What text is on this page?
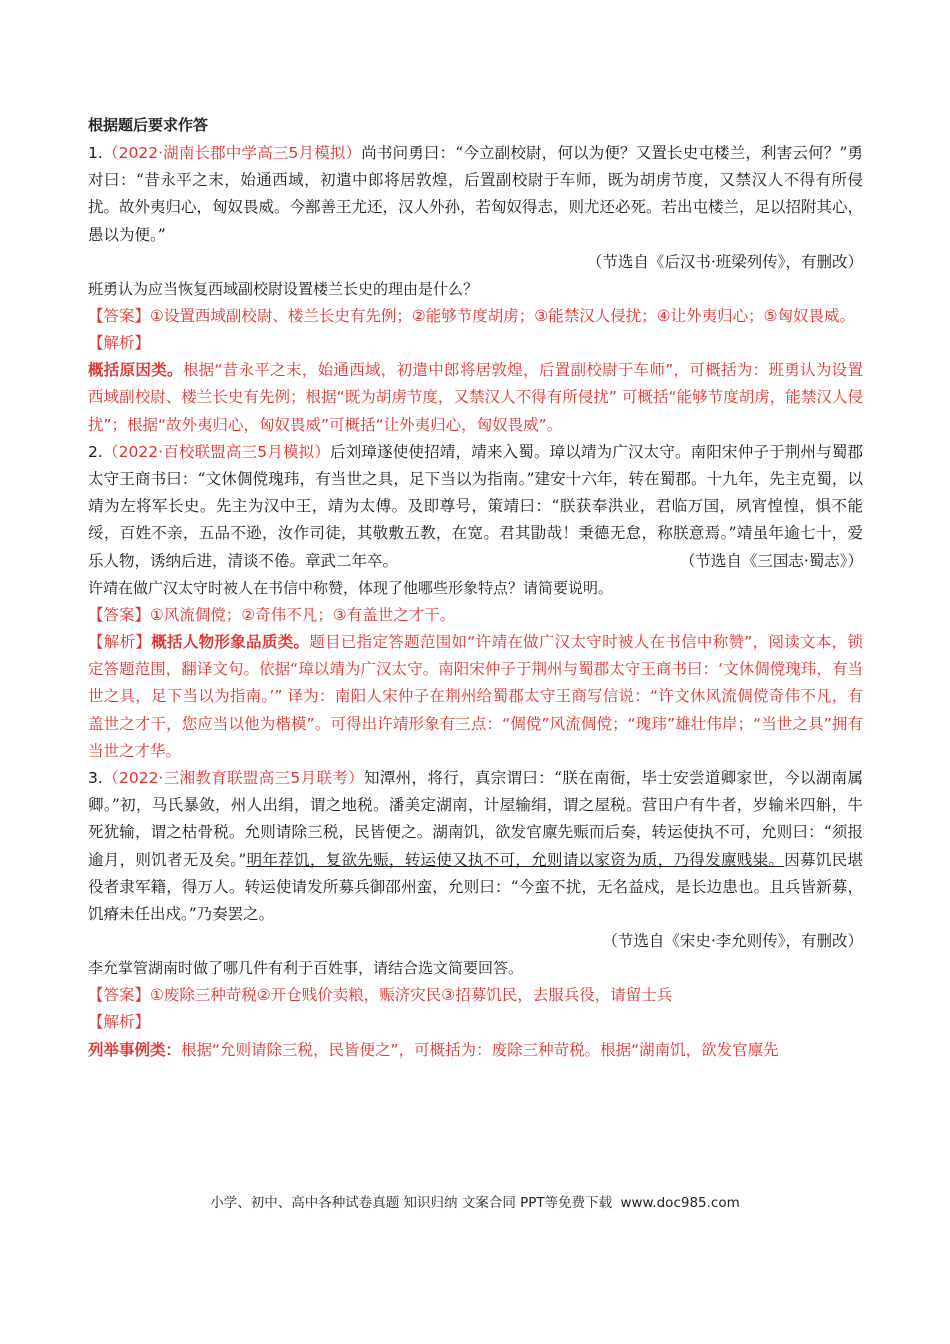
根据题后要求作答

1.（2022·湖南长郡中学高三5月模拟）尚书问勇曰：“今立副校尉，何以为便？又置长史屯楼兰，利害云何？”勇对曰：“昔永平之末，始通西域，初遣中郎将居敦煌，后置副校尉于车师，既为胡虏节度，又禁汉人不得有所侵扰。故外夷归心，匈奴畏威。今鄯善王尤还，汉人外孙，若匈奴得志，则尤还必死。若出屯楼兰，足以招附其心，愚以为便。”

（节选自《后汉书·班梁列传》，有删改）
班勇认为应当恢复西域副校尉设置楼兰长史的理由是什么？

【答案】①设置西域副校尉、楼兰长史有先例；②能够节度胡虏；③能禁汉人侵扰；④让外夷归心；⑤匈奴畏威。

【解析】

概括原因类。根据“昔永平之末，始通西域，初遣中郎将居敦煌，后置副校尉于车师”，可概括为：班勇认为设置西域副校尉、楼兰长史有先例；根据“既为胡虏节度，又禁汉人不得有所侵扰” 可概括“能够节度胡虏，能禁汉人侵扰”；根据“故外夷归心，匈奴畏威”可概括“让外夷归心，匈奴畏威”。

2.（2022·百校联盟高三5月模拟）后刘璋遂使使招靖，靖来入蜀。璋以靖为广汉太守。南阳宋仲子于荆州与蜀郡太守王商书曰：“文休倜傥瑰玮，有当世之具，足下当以为指南。”建安十六年，转在蜀郡。十九年，先主克蜀，以靖为左将军长史。先主为汉中王，靖为太傅。及即尊号，策靖曰：“朕获奉洪业，君临万国，夙宵惶惶，惧不能绥，百姓不亲，五品不逊，汝作司徒，其敬敷五教，在宽。君其勖哉！秉德无怠，称朕意焉。”靖虽年逾七十，爱乐人物，诱纳后进，清谈不倦。章武二年卒。	（节选自《三国志·蜀志》）

许靖在做广汉太守时被人在书信中称赞，体现了他哪些形象特点？请简要说明。

【答案】①风流倜傥；②奇伟不凡；③有盖世之才干。

【解析】概括人物形象品质类。题目已指定答题范围如“许靖在做广汉太守时被人在书信中称赞”，阅读文本，锁定答题范围，翻译文句。依据“璋以靖为广汉太守。南阳宋仲子于荆州与蜀郡太守王商书曰：‘文休倜傥瑰玮，有当世之具，足下当以为指南。’” 译为：南阳人宋仲子在荆州给蜀郡太守王商写信说：“许文休风流倜傥奇伟不凡，有盖世之才干，您应当以他为楷模”。可得出许靖形象有三点：“倜傥”风流倜傥；“瑰玮”雄壮伟岸；“当世之具”拥有当世之才华。

3.（2022·三湘教育联盟高三5月联考）知潭州，将行，真宗谓曰：“朕在南衙，毕士安尝道卿家世，今以湖南属卿。”初，马氏暴敛，州人出绢，谓之地税。潘美定湖南，计屋输绢，谓之屋税。营田户有牛者，岁输米四斛，牛死犹输，谓之枯骨税。允则请除三税，民皆便之。湖南饥，欲发官廪先赈而后奏，转运使执不可，允则曰：“须报逾月，则饥者无及矣。”明年荐饥，复欲先赈，转运使又执不可，允则请以家资为质，乃得发廪贱粜。因募饥民堪役者隶军籍，得万人。转运使请发所募兵御邵州蛮，允则曰：“今蛮不扰，无名益戍，是长边患也。且兵皆新募，饥瘠未任出戍。”乃奏罢之。

（节选自《宋史·李允则传》，有删改）
李允掌管湖南时做了哪几件有利于百姓事，请结合选文简要回答。

【答案】①废除三种苛税②开仓贱价卖粮，赈济灾民③招募饥民，去服兵役，请留士兵

【解析】

列举事例类：根据“允则请除三税，民皆便之”，可概括为：废除三种苛税。根据“湖南饥，欲发官廪先

小学、初中、高中各种试卷真题 知识归纳 文案合同 PPT等免费下载 www.doc985.com
